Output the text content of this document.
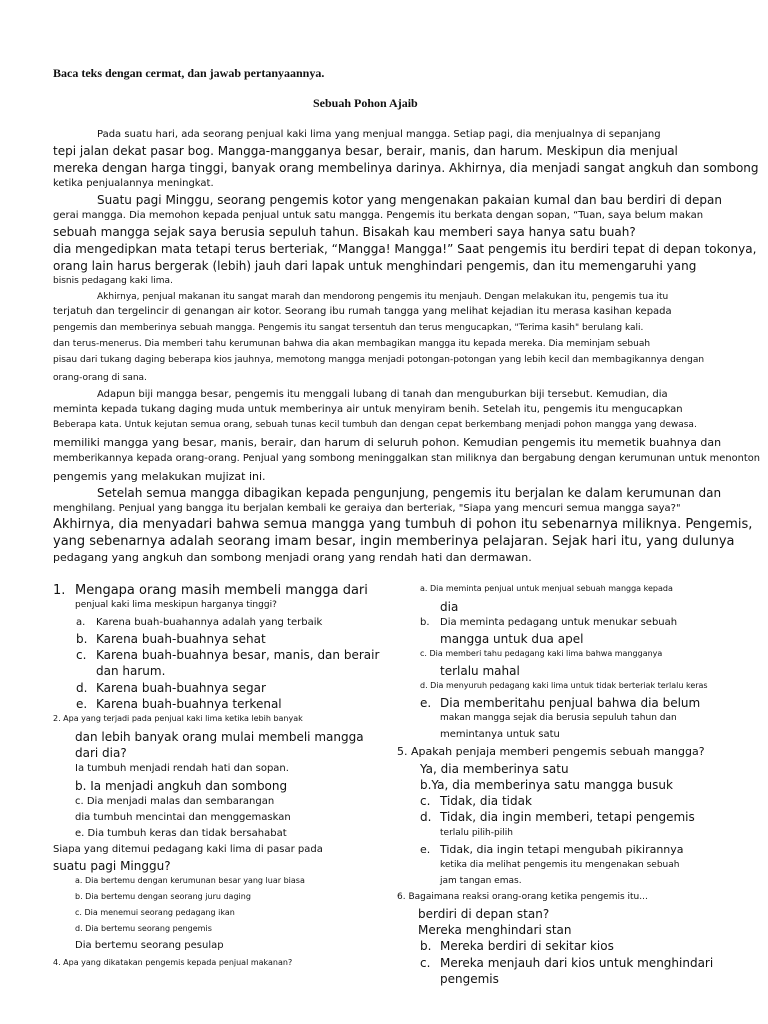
Baca teks dengan cermat, dan jawab pertanyaannya.
Sebuah Pohon Ajaib
Pada suatu hari, ada seorang penjual kaki lima yang menjual mangga. Setiap pagi, dia menjualnya di sepanjang
tepi jalan dekat pasar bog. Mangga-mangganya besar, berair, manis, dan harum. Meskipun dia menjual
mereka dengan harga tinggi, banyak orang membelinya darinya. Akhirnya, dia menjadi sangat angkuh dan sombong
ketika penjualannya meningkat.
Suatu pagi Minggu, seorang pengemis kotor yang mengenakan pakaian kumal dan bau berdiri di depan
gerai mangga. Dia memohon kepada penjual untuk satu mangga. Pengemis itu berkata dengan sopan, “Tuan, saya belum makan
sebuah mangga sejak saya berusia sepuluh tahun. Bisakah kau memberi saya hanya satu buah?
dia mengedipkan mata tetapi terus berteriak, “Mangga! Mangga!” Saat pengemis itu berdiri tepat di depan tokonya,
orang lain harus bergerak (lebih) jauh dari lapak untuk menghindari pengemis, dan itu memengaruhi yang
bisnis pedagang kaki lima.
Akhirnya, penjual makanan itu sangat marah dan mendorong pengemis itu menjauh. Dengan melakukan itu, pengemis tua itu
terjatuh dan tergelincir di genangan air kotor. Seorang ibu rumah tangga yang melihat kejadian itu merasa kasihan kepada
pengemis dan memberinya sebuah mangga. Pengemis itu sangat tersentuh dan terus mengucapkan, "Terima kasih" berulang kali.
dan terus-menerus. Dia memberi tahu kerumunan bahwa dia akan membagikan mangga itu kepada mereka. Dia meminjam sebuah
pisau dari tukang daging beberapa kios jauhnya, memotong mangga menjadi potongan-potongan yang lebih kecil dan membagikannya dengan
orang-orang di sana.
Adapun biji mangga besar, pengemis itu menggali lubang di tanah dan menguburkan biji tersebut. Kemudian, dia
meminta kepada tukang daging muda untuk memberinya air untuk menyiram benih. Setelah itu, pengemis itu mengucapkan
Beberapa kata. Untuk kejutan semua orang, sebuah tunas kecil tumbuh dan dengan cepat berkembang menjadi pohon mangga yang dewasa.
memiliki mangga yang besar, manis, berair, dan harum di seluruh pohon. Kemudian pengemis itu memetik buahnya dan
memberikannya kepada orang-orang. Penjual yang sombong meninggalkan stan miliknya dan bergabung dengan kerumunan untuk menonton
pengemis yang melakukan mujizat ini.
Setelah semua mangga dibagikan kepada pengunjung, pengemis itu berjalan ke dalam kerumunan dan
menghilang. Penjual yang bangga itu berjalan kembali ke geraiya dan berteriak, "Siapa yang mencuri semua mangga saya?"
Akhirnya, dia menyadari bahwa semua mangga yang tumbuh di pohon itu sebenarnya miliknya. Pengemis,
yang sebenarnya adalah seorang imam besar, ingin memberinya pelajaran. Sejak hari itu, yang dulunya
pedagang yang angkuh dan sombong menjadi orang yang rendah hati dan dermawan.
1. Mengapa orang masih membeli mangga dari
penjual kaki lima meskipun harganya tinggi?
a. Karena buah-buahannya adalah yang terbaik
b. Karena buah-buahnya sehat
c. Karena buah-buahnya besar, manis, dan berair
dan harum.
d. Karena buah-buahnya segar
e. Karena buah-buahnya terkenal
2. Apa yang terjadi pada penjual kaki lima ketika lebih banyak
dan lebih banyak orang mulai membeli mangga
dari dia?
Ia tumbuh menjadi rendah hati dan sopan.
b. Ia menjadi angkuh dan sombong
c. Dia menjadi malas dan sembarangan
dia tumbuh mencintai dan menggemaskan
e. Dia tumbuh keras dan tidak bersahabat
Siapa yang ditemui pedagang kaki lima di pasar pada
suatu pagi Minggu?
a. Dia bertemu dengan kerumunan besar yang luar biasa
b. Dia bertemu dengan seorang juru daging
c. Dia menemui seorang pedagang ikan
d. Dia bertemu seorang pengemis
Dia bertemu seorang pesulap
4. Apa yang dikatakan pengemis kepada penjual makanan?
a. Dia meminta penjual untuk menjual sebuah mangga kepada
dia
b. Dia meminta pedagang untuk menukar sebuah
mangga untuk dua apel
c. Dia memberi tahu pedagang kaki lima bahwa mangganya
terlalu mahal
d. Dia menyuruh pedagang kaki lima untuk tidak berteriak terlalu keras
e. Dia memberitahu penjual bahwa dia belum
makan mangga sejak dia berusia sepuluh tahun dan
memintanya untuk satu
5. Apakah penjaja memberi pengemis sebuah mangga?
Ya, dia memberinya satu
b.Ya, dia memberinya satu mangga busuk
c. Tidak, dia tidak
d. Tidak, dia ingin memberi, tetapi pengemis
terlalu pilih-pilih
e. Tidak, dia ingin tetapi mengubah pikirannya
ketika dia melihat pengemis itu mengenakan sebuah
jam tangan emas.
6. Bagaimana reaksi orang-orang ketika pengemis itu...
berdiri di depan stan?
Mereka menghindari stan
b. Mereka berdiri di sekitar kios
c. Mereka menjauh dari kios untuk menghindari
pengemis
